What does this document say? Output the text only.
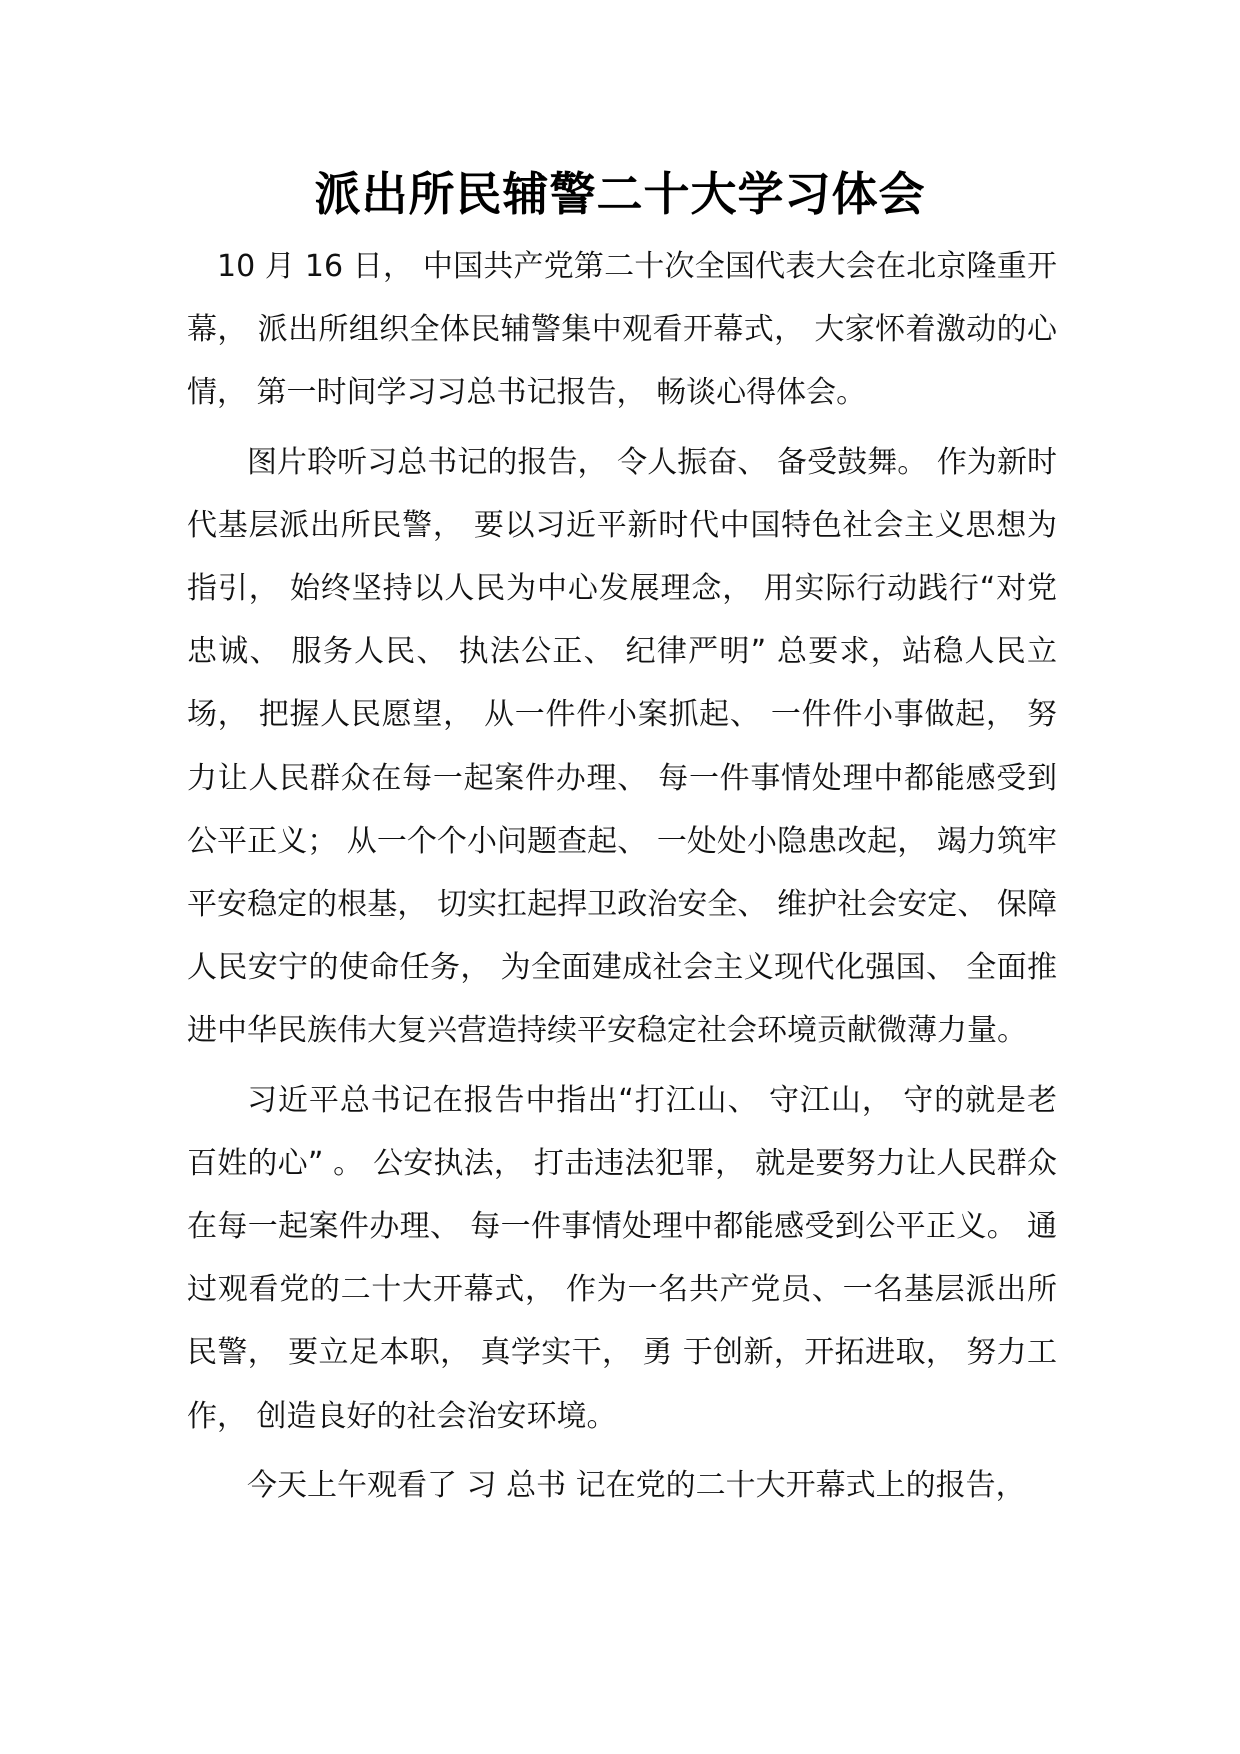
派出所民辅警二十大学习体会

10 月 16 日， 中国共产党第二十次全国代表大会在北京隆重开幕， 派出所组织全体民辅警集中观看开幕式， 大家怀着激动的心情， 第一时间学习习总书记报告， 畅谈心得体会。

图片聆听习总书记的报告， 令人振奋、 备受鼓舞。 作为新时代基层派出所民警， 要以习近平新时代中国特色社会主义思想为指引， 始终坚持以人民为中心发展理念， 用实际行动践行“对党忠诚、 服务人民、 执法公正、 纪律严明” 总要求，站稳人民立场， 把握人民愿望， 从一件件小案抓起、 一件件小事做起， 努力让人民群众在每一起案件办理、 每一件事情处理中都能感受到公平正义； 从一个个小问题查起、 一处处小隐患改起， 竭力筑牢平安稳定的根基， 切实扛起捍卫政治安全、 维护社会安定、 保障人民安宁的使命任务， 为全面建成社会主义现代化强国、 全面推进中华民族伟大复兴营造持续平安稳定社会环境贡献微薄力量。

习近平总书记在报告中指出“打江山、 守江山， 守的就是老百姓的心” 。 公安执法， 打击违法犯罪， 就是要努力让人民群众在每一起案件办理、 每一件事情处理中都能感受到公平正义。 通过观看党的二十大开幕式， 作为一名共产党员、一名基层派出所民警， 要立足本职， 真学实干， 勇 于创新，开拓进取， 努力工作， 创造良好的社会治安环境。

今天上午观看了 习 总书 记在党的二十大开幕式上的报告，
